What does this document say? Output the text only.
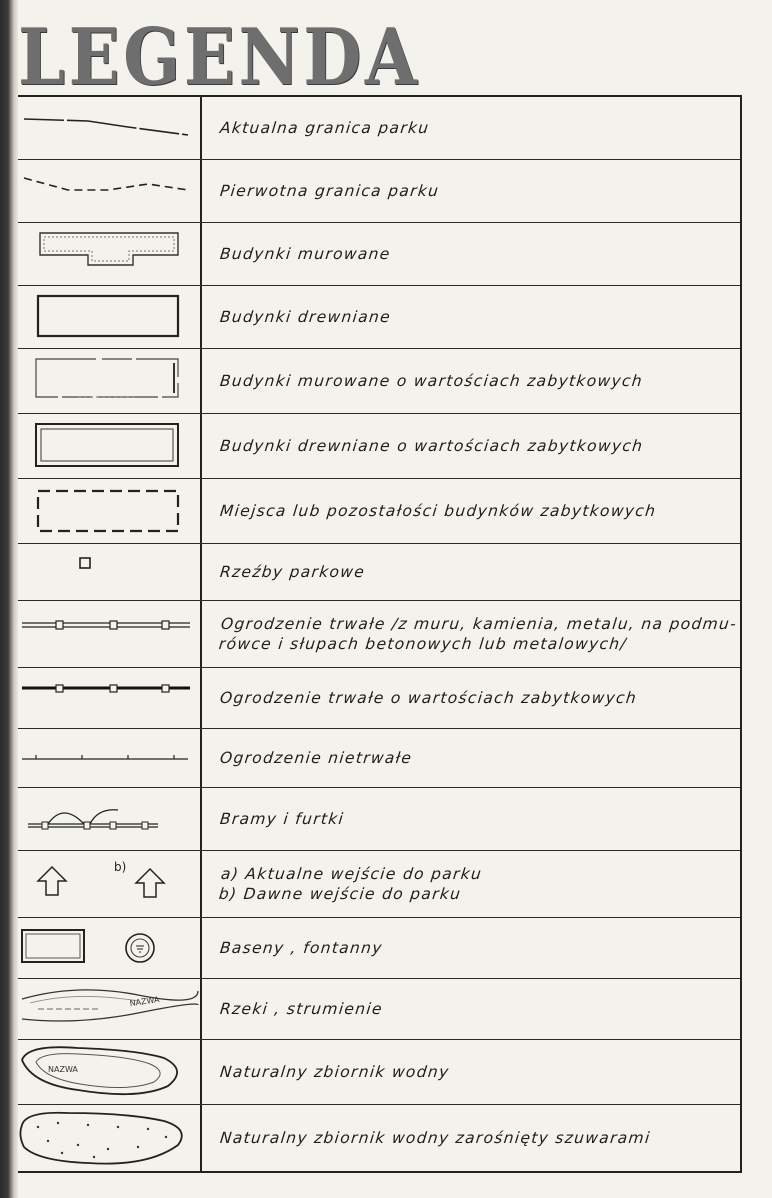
LEGENDA
Aktualna granica parku
Pierwotna granica parku
Budynki murowane
Budynki drewniane
Budynki murowane o wartościach zabytkowych
Budynki drewniane o wartościach zabytkowych
Miejsca lub pozostałości budynków zabytkowych
Rzeźby parkowe
Ogrodzenie trwałe /z muru, kamienia, metalu, na podmu-
rówce i słupach betonowych lub metalowych/
Ogrodzenie trwałe o wartościach zabytkowych
Ogrodzenie nietrwałe
Bramy i furtki
b)	a) Aktualne wejście do parku
b) Dawne wejście do parku
Baseny , fontanny
NAZWA	Rzeki , strumienie
NAZWA	Naturalny zbiornik wodny
Naturalny zbiornik wodny zarośnięty szuwarami
